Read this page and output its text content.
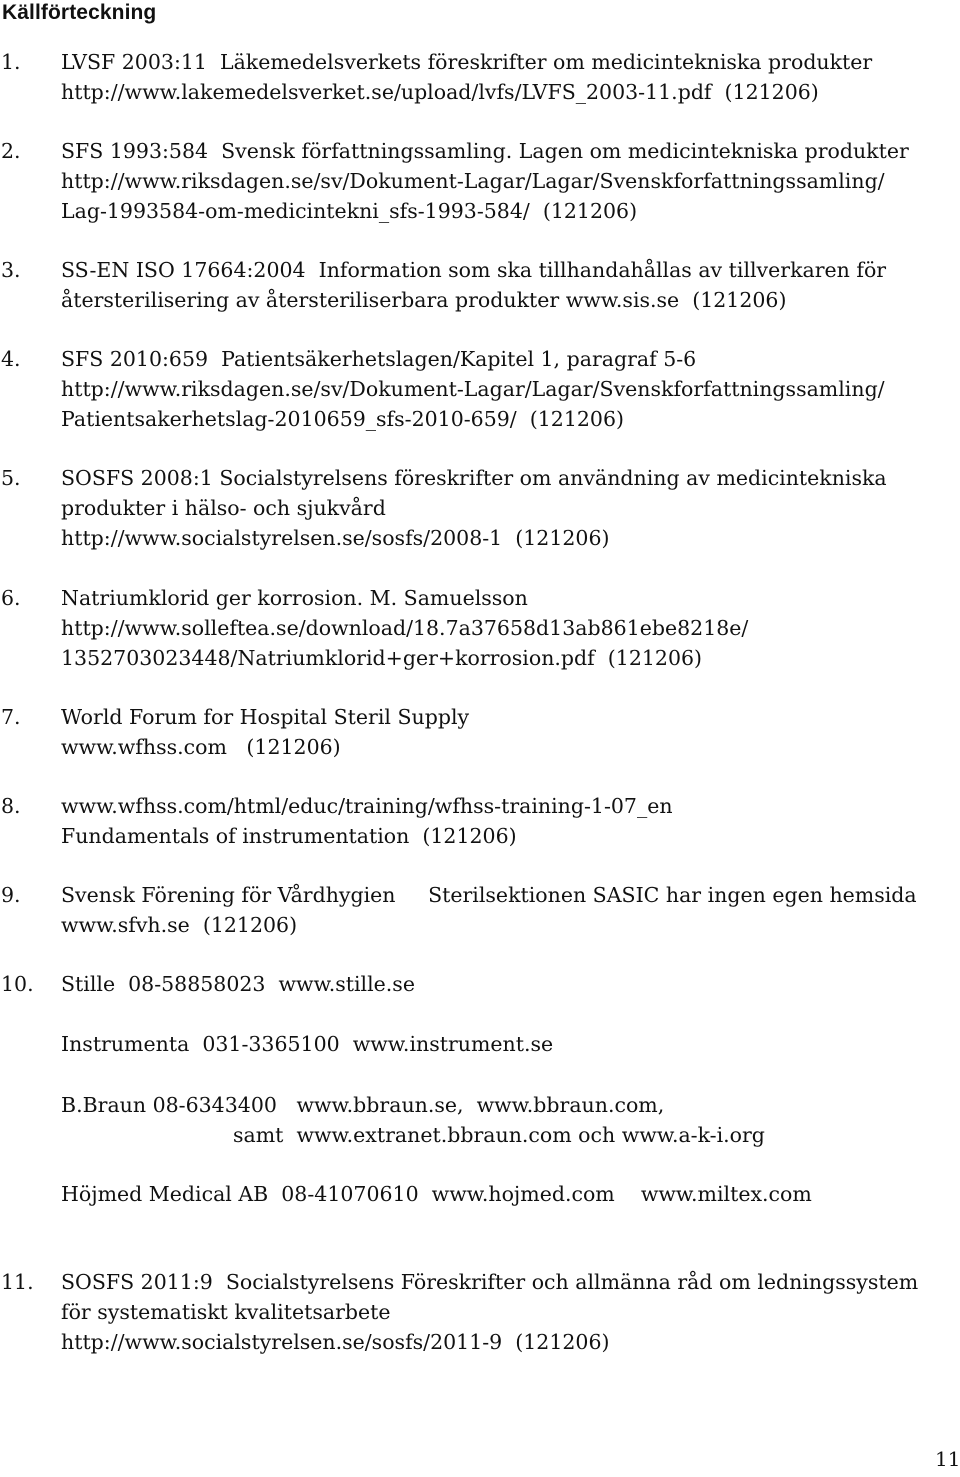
Källförteckning
1. LVSF 2003:11  Läkemedelsverkets föreskrifter om medicintekniska produkter
http://www.lakemedelsverket.se/upload/lvfs/LVFS_2003-11.pdf  (121206)
2. SFS 1993:584  Svensk författningssamling. Lagen om medicintekniska produkter
http://www.riksdagen.se/sv/Dokument-Lagar/Lagar/Svenskforfattningssamling/
Lag-1993584-om-medicintekni_sfs-1993-584/  (121206)
3. SS-EN ISO 17664:2004  Information som ska tillhandahållas av tillverkaren för
återsterilisering av återsteriliserbara produkter www.sis.se  (121206)
4. SFS 2010:659  Patientsäkerhetslagen/Kapitel 1, paragraf 5-6
http://www.riksdagen.se/sv/Dokument-Lagar/Lagar/Svenskforfattningssamling/
Patientsakerhetslag-2010659_sfs-2010-659/  (121206)
5. SOSFS 2008:1 Socialstyrelsens föreskrifter om användning av medicintekniska
produkter i hälso- och sjukvård
http://www.socialstyrelsen.se/sosfs/2008-1  (121206)
6. Natriumklorid ger korrosion. M. Samuelsson
http://www.solleftea.se/download/18.7a37658d13ab861ebe8218e/
1352703023448/Natriumklorid+ger+korrosion.pdf  (121206)
7. World Forum for Hospital Steril Supply
www.wfhss.com   (121206)
8. www.wfhss.com/html/educ/training/wfhss-training-1-07_en
Fundamentals of instrumentation  (121206)
9. Svensk Förening för Vårdhygien     Sterilsektionen SASIC har ingen egen hemsida
www.sfvh.se  (121206)
10. Stille  08-58858023  www.stille.se
Instrumenta  031-3365100  www.instrument.se
B.Braun 08-6343400   www.bbraun.se,  www.bbraun.com,
samt  www.extranet.bbraun.com och www.a-k-i.org
Höjmed Medical AB  08-41070610  www.hojmed.com    www.miltex.com
11. SOSFS 2011:9  Socialstyrelsens Föreskrifter och allmänna råd om ledningssystem
för systematiskt kvalitetsarbete
http://www.socialstyrelsen.se/sosfs/2011-9  (121206)
11
